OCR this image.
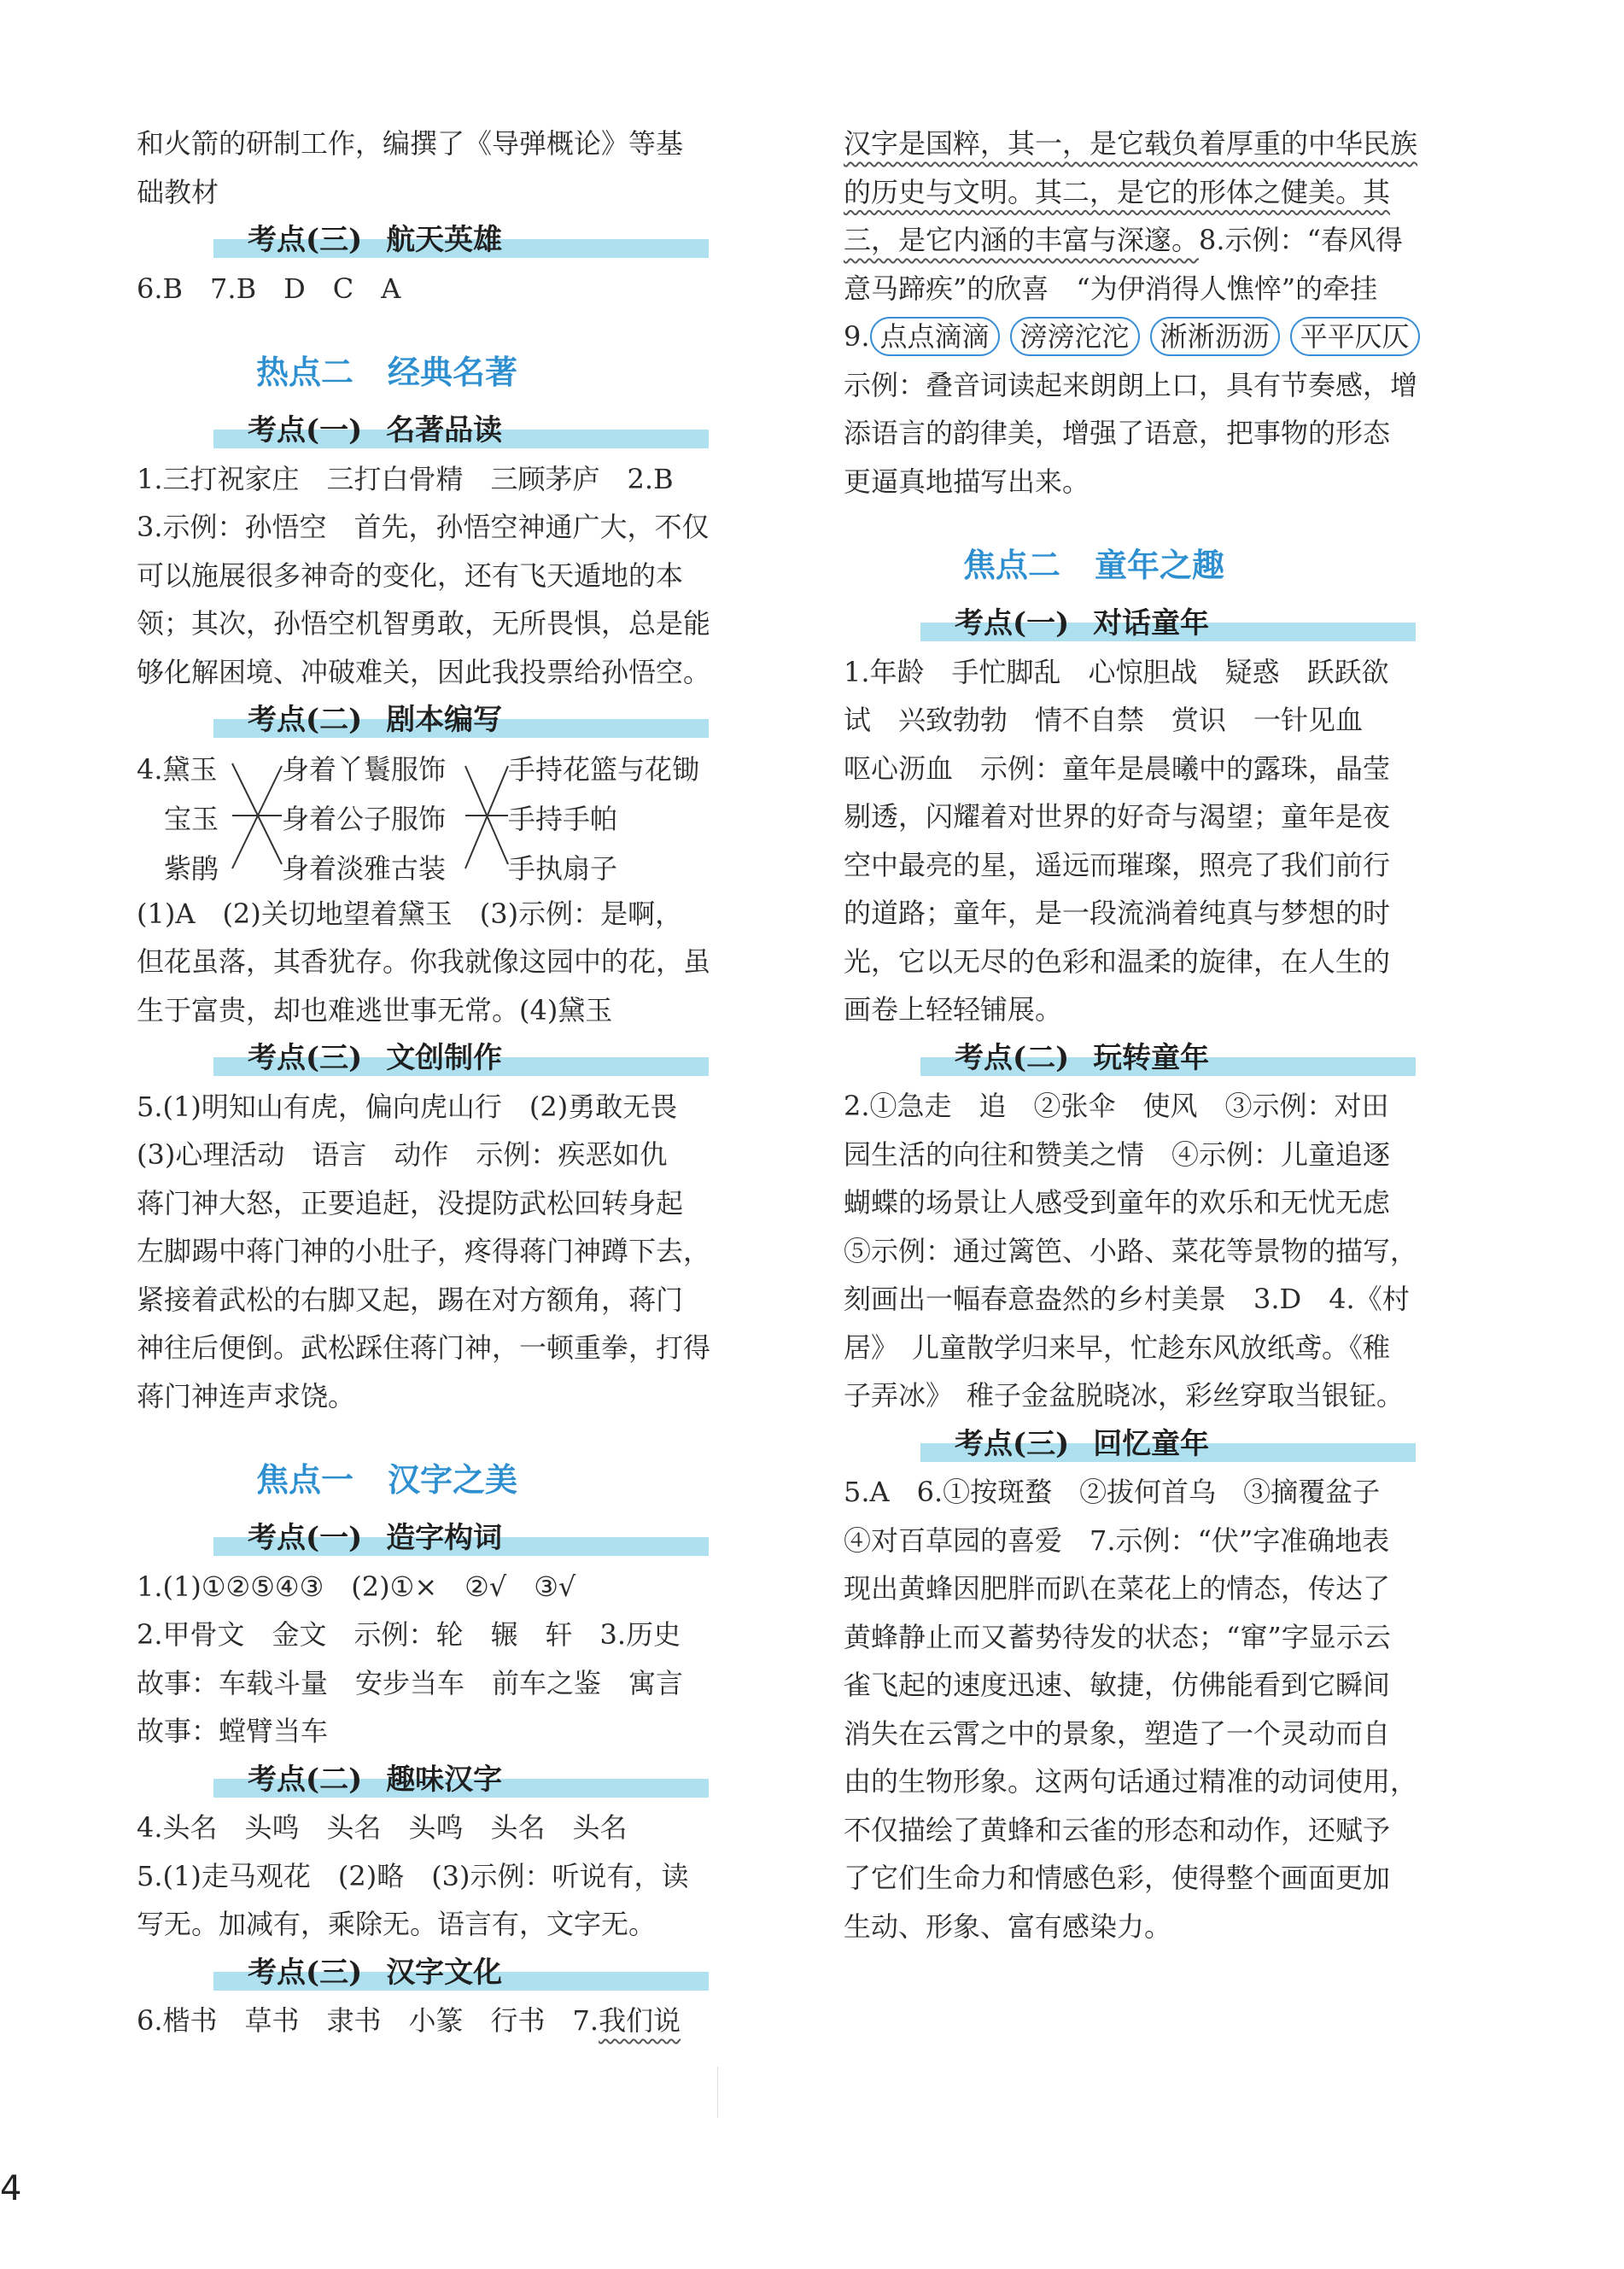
和火箭的研制工作，编撰了《导弹概论》等基
础教材
考点(三) 航天英雄
6.B　7.B　D　C　A
热点二 经典名著
考点(一) 名著品读
1.三打祝家庄　三打白骨精　三顾茅庐　2.B
3.示例：孙悟空　首先，孙悟空神通广大，不仅
可以施展很多神奇的变化，还有飞天遁地的本
领；其次，孙悟空机智勇敢，无所畏惧，总是能
够化解困境、冲破难关，因此我投票给孙悟空。
考点(二) 剧本编写
4.黛玉
宝玉
紫鹃
身着丫鬟服饰
身着公子服饰
身着淡雅古装
手持花篮与花锄
手持手帕
手执扇子
(1)A　(2)关切地望着黛玉　(3)示例：是啊，
但花虽落，其香犹存。你我就像这园中的花，虽
生于富贵，却也难逃世事无常。(4)黛玉
考点(三) 文创制作
5.(1)明知山有虎，偏向虎山行　(2)勇敢无畏
(3)心理活动　语言　动作　示例：疾恶如仇
蒋门神大怒，正要追赶，没提防武松回转身起
左脚踢中蒋门神的小肚子，疼得蒋门神蹲下去，
紧接着武松的右脚又起，踢在对方额角，蒋门
神往后便倒。武松踩住蒋门神，一顿重拳，打得
蒋门神连声求饶。
焦点一 汉字之美
考点(一) 造字构词
1.(1)①②⑤④③　(2)①×　②√　③√
2.甲骨文　金文　示例：轮　辗　轩　3.历史
故事：车载斗量　安步当车　前车之鉴　寓言
故事：螳臂当车
考点(二) 趣味汉字
4.头名　头鸣　头名　头鸣　头名　头名
5.(1)走马观花　(2)略　(3)示例：听说有，读
写无。加减有，乘除无。语言有，文字无。
考点(三) 汉字文化
6.楷书　草书　隶书　小篆　行书　7.我们说
汉字是国粹，其一，是它载负着厚重的中华民族
的历史与文明。其二，是它的形体之健美。其
三，是它内涵的丰富与深邃。8.示例：“春风得
意马蹄疾”的欣喜　“为伊消得人憔悴”的牵挂
9. 点点滴滴 滂滂沱沱 淅淅沥沥 平平仄仄
示例：叠音词读起来朗朗上口，具有节奏感，增
添语言的韵律美，增强了语意，把事物的形态
更逼真地描写出来。
焦点二 童年之趣
考点(一) 对话童年
1.年龄　手忙脚乱　心惊胆战　疑惑　跃跃欲
试　兴致勃勃　情不自禁　赏识　一针见血
呕心沥血　示例：童年是晨曦中的露珠，晶莹
剔透，闪耀着对世界的好奇与渴望；童年是夜
空中最亮的星，遥远而璀璨，照亮了我们前行
的道路；童年，是一段流淌着纯真与梦想的时
光，它以无尽的色彩和温柔的旋律，在人生的
画卷上轻轻铺展。
考点(二) 玩转童年
2.①急走　追　②张伞　使风　③示例：对田
园生活的向往和赞美之情　④示例：儿童追逐
蝴蝶的场景让人感受到童年的欢乐和无忧无虑
⑤示例：通过篱笆、小路、菜花等景物的描写，
刻画出一幅春意盎然的乡村美景　3.D　4.《村
居》　儿童散学归来早，忙趁东风放纸鸢。《稚
子弄冰》　稚子金盆脱晓冰，彩丝穿取当银钲。
考点(三) 回忆童年
5.A　6.①按斑蝥　②拔何首乌　③摘覆盆子
④对百草园的喜爱　7.示例：“伏”字准确地表
现出黄蜂因肥胖而趴在菜花上的情态，传达了
黄蜂静止而又蓄势待发的状态；“窜”字显示云
雀飞起的速度迅速、敏捷，仿佛能看到它瞬间
消失在云霄之中的景象，塑造了一个灵动而自
由的生物形象。这两句话通过精准的动词使用，
不仅描绘了黄蜂和云雀的形态和动作，还赋予
了它们生命力和情感色彩，使得整个画面更加
生动、形象、富有感染力。
4
